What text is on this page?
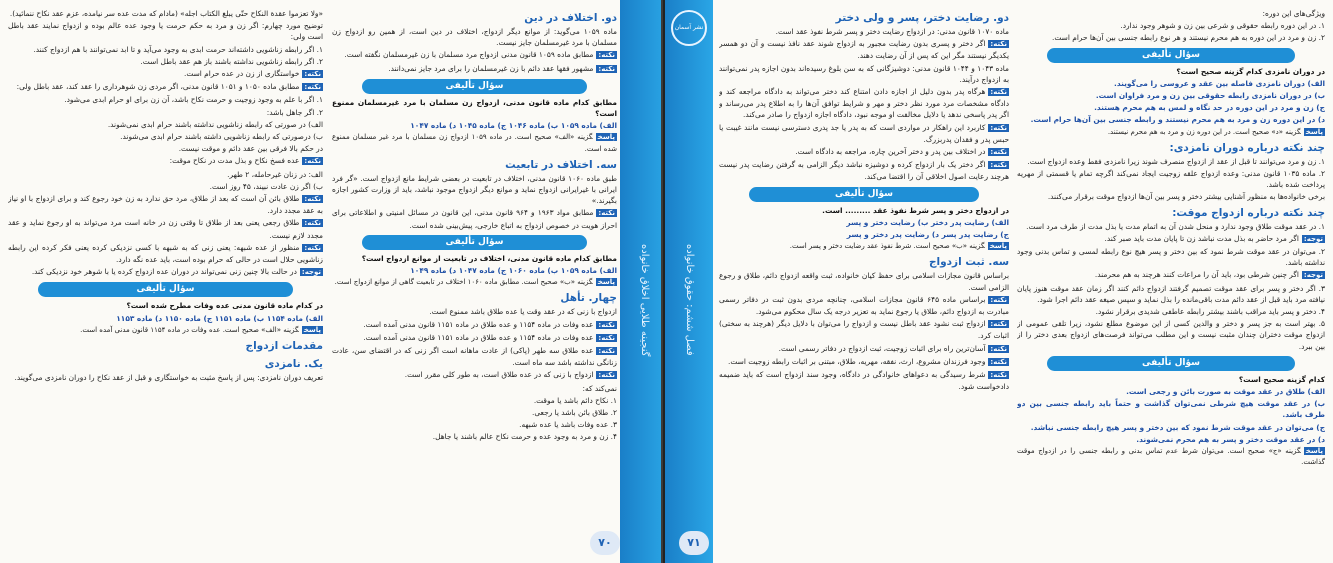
«ولا تعزموا عقدة النکاح حتّی یبلغ الکتاب اجله» (مادام که مدت عده سر نیامده، عزم عقد نکاح ننمائید).

توضیح مورد چهارم: اگر زن و مرد به حکم حرمت یا وجود عده عالم بوده و ازدواج نمایند عقد باطل است ولی:

۱. اگر رابطه زناشویی داشته‌اند حرمت ابدی به وجود می‌آید و تا ابد نمی‌توانند با هم ازدواج کنند.

۲. اگر رابطه زناشویی نداشته باشند باز هم عقد باطل است.

نکته:خواستگاری از زن در عده حرام است.

نکته:مطابق ماده ۱۰۵۰ و ۱۰۵۱ قانون مدنی، اگر مردی زن شوهرداری را عقد کند، عقد باطل ولی:

۱. اگر با علم به وجود زوجیت و حرمت نکاح باشد، آن زن برای او حرام ابدی می‌شود.

۲. اگر جاهل باشد:

الف) در صورتی که رابطه زناشویی نداشته باشند حرام ابدی نمی‌شوند.

ب) درصورتی که رابطه زناشویی داشته باشند حرام ابدی می‌شوند.

در حکم بالا فرقی بین عقد دائم و موقت نیست.

نکته:عده فسخ نکاح و بذل مدت در نکاح موقت:

الف: در زنان غیرحامله، ۲ طهر.

ب) اگر زن عادت نبیند، ۴۵ روز است.

نکته:طلاق بائن آن است که بعد از طلاق، مرد حق ندارد به زن خود رجوع کند و برای ازدواج با او نیاز به عقد مجدد دارد.

نکته:طلاق رجعی یعنی بعد از طلاق تا وقتی زن در خانه است مرد می‌تواند به او رجوع نماید و عقد مجدد لازم نیست.

نکته:منظور از عده شبهه: یعنی زنی که به شبهه با کسی نزدیکی کرده یعنی فکر کرده این رابطه زناشویی حلال است در حالی که حرام بوده است، باید عده نگه دارد.

توجه:در حالت بالا چنین زنی نمی‌تواند در دوران عده ازدواج کرده یا با شوهر خود نزدیکی کند.

سؤال تألیفی

در کدام ماده قانون مدنی عده وفات مطرح شده است؟

الف) ماده ۱۱۵۴ ب) ماده ۱۱۵۱ ج) ماده ۱۱۵۰ د) ماده ۱۱۵۳

پاسخگزینه «الف» صحیح است. عده وفات در ماده ۱۱۵۴ قانون مدنی آمده است.

مقدمات ازدواج
یک. نامزدی

تعریف دوران نامزدی: پس از پاسخ مثبت به خواستگاری و قبل از عقد نکاح را دوران نامزدی می‌گویند.

دو. اختلاف در دین

ماده ۱۰۵۹ می‌گوید: از موانع دیگر ازدواج، اختلاف در دین است، از همین رو ازدواج زن مسلمان با مرد غیرمسلمان جایز نیست.

نکته:مطابق ماده ۱۰۵۹ قانون مدنی ازدواج مرد مسلمان با زن غیرمسلمان نگفته است.

نکته:مشهور فقها عقد دائم با زن غیرمسلمان را برای مرد جایز نمی‌دانند.

سؤال تألیفی

مطابق کدام ماده قانون مدنی، ازدواج زن مسلمان با مرد غیرمسلمان ممنوع است؟

الف) ماده ۱۰۵۹ ب) ماده ۱۰۴۶ ج) ماده ۱۰۴۵ د) ماده ۱۰۴۷

پاسخگزینه «الف» صحیح است. در ماده ۱۰۵۹ ازدواج زن مسلمان با مرد غیر مسلمان ممنوع شده است.

سه. اختلاف در تابعیت

طبق ماده ۱۰۶۰ قانون مدنی، اختلاف در تابعیت در بعضی شرایط مانع ازدواج است. «گر فرد ایرانی با غیرایرانی ازدواج نماید و موانع دیگر ازدواج موجود نباشد، باید از وزارت کشور اجازه بگیرند.»

نکته:مطابق مواد ۱۹۶۳ و ۹۶۴ قانون مدنی، این قانون در مسائل امنیتی و اطلاعاتی برای احراز هویت در خصوص ازدواج به اتباع خارجی، پیش‌بینی شده است.

سؤال تألیفی

مطابق کدام ماده قانون مدنی، اختلاف در تابعیت از موانع ازدواج است؟

الف) ماده ۱۰۵۹ ب) ماده ۱۰۶۰ ج) ماده ۱۰۴۷ د) ماده ۱۰۴۹

پاسخگزینه «ب» صحیح است. مطابق ماده ۱۰۶۰ اختلاف در تابعیت گاهی از موانع ازدواج است.

چهار. تأهل

ازدواج با زنی که در عقد وقت یا عده طلاق باشد ممنوع است.

نکته:عده وفات در ماده ۱۱۵۴ و عده طلاق در ماده ۱۱۵۱ قانون مدنی آمده است.

نکته:عده وفات در ماده ۱۱۵۴ و عده طلاق در ماده ۱۱۵۱ قانون مدنی آمده است.

نکته:عده طلاق سه طهر (پاکی) از عادت ماهانه است اگر زنی که در اقتضای سن، عادت زنانگی نداشته باشد سه ماه است.

نکته:ازدواج با زنی که در عده طلاق است، به طور کلی مقرر است.

نمی‌کند که:

۱. نکاح دائم باشد یا موقت.

۲. طلاق بائن باشد یا رجعی.

۳. عده وفات باشد یا عده شبهه.

۴. زن و مرد به وجود عده و حرمت نکاح عالم باشند یا جاهل.

گنجینه طلایی اخلاق خانواده
۷۰
نشر آسمان
فصل ششم: حقوق خانواده
۷۱
دو. رضایت دختر، پسر و ولی دختر

ماده ۱۰۷۰ قانون مدنی: در ازدواج رضایت دختر و پسر شرط نفوذ عقد است.

نکته:اگر دختر و پسری بدون رضایت مجبور به ازدواج شوند عقد نافذ نیست و آن دو همسر یکدیگر نیستند مگر این که پس از آن رضایت دهند.

ماده ۱۰۴۳ و ۱۰۴۴ قانون مدنی: دوشیزگانی که به سن بلوغ رسیده‌اند بدون اجازه پدر نمی‌توانند به ازدواج درآیند.

نکته:هرگاه پدر بدون دلیل از اجازه دادن امتناع کند دختر می‌تواند به دادگاه مراجعه کند و دادگاه مشخصات مرد مورد نظر دختر و مهر و شرایط توافق آن‌ها را به اطلاع پدر می‌رساند و اگر پدر پاسخی ندهد یا دلایل مخالفت او موجه نبود، دادگاه اجازه ازدواج را صادر می‌کند.

نکته:کاربرد این راهکار در مواردی است که به پدر یا جد پدری دسترسی نیست مانند غیبت یا حبس پدر و فقدان پدربزرگ.

نکته:در اختلاف بین پدر و دختر آخرین چاره، مراجعه به دادگاه است.

نکته:اگر دختر یک بار ازدواج کرده و دوشیزه نباشد دیگر الزامی به گرفتن رضایت پدر نیست هرچند رعایت اصول اخلاقی آن را اقتضا می‌کند.

سؤال تألیفی

در ازدواج دختر و پسر شرط نفوذ عقد ......... است.

الف) رضایت پدر دختر ب) رضایت دختر و پسر

ج) رضایت پدر پسر د) رضایت پدر دختر و پسر

پاسخگزینه «ب» صحیح است. شرط نفوذ عقد رضایت دختر و پسر است.

سه. ثبت ازدواج

براساس قانون مجازات اسلامی برای حفظ کیان خانواده، ثبت واقعه ازدواج دائم، طلاق و رجوع الزامی است.

نکته:براساس ماده ۶۴۵ قانون مجازات اسلامی، چنانچه مردی بدون ثبت در دفاتر رسمی مبادرت به ازدواج دائم، طلاق یا رجوع نماید به تعزیر درجه یک سال محکوم می‌شود.

نکته:ازدواج ثبت نشود عقد باطل نیست و ازدواج را می‌توان با دلایل دیگر (هرچند به سختی) اثبات کرد.

نکته:آسان‌ترین راه برای اثبات زوجیت، ثبت ازدواج در دفاتر رسمی است.

نکته:وجود فرزندان مشروع، ارث، نفقه، مهریه، طلاق، مبتنی بر اثبات رابطه زوجیت است.

نکته:شرط رسیدگی به دعواهای خانوادگی در دادگاه، وجود سند ازدواج است که باید ضمیمه دادخواست شود.

ویژگی‌های این دوره:

۱. در این دوره رابطه حقوقی و شرعی بین زن و شوهر وجود ندارد.

۲. زن و مرد در این دوره به هم محرم نیستند و هر نوع رابطه جنسی بین آن‌ها حرام است.

سؤال تألیفی

در دوران نامزدی کدام گزینه صحیح است؟

الف) دوران نامزدی فاصله بین عقد و عروسی را می‌گویند.

ب) در دوران نامزدی رابطه حقوقی بین زن و مرد فراوان است.

ج) زن و مرد در این دوره در حد نگاه و لمس به هم محرم هستند.

د) در این دوره زن و مرد به هم محرم نیستند و رابطه جنسی بین آن‌ها حرام است.

پاسخگزینه «د» صحیح است. در این دوره زن و مرد به هم محرم نیستند.

چند نکته درباره دوران نامزدی:

۱. زن و مرد می‌توانند تا قبل از عقد از ازدواج منصرف شوند زیرا نامزدی فقط وعده ازدواج است.

۲. ماده ۱۰۳۵ قانون مدنی: وعده ازدواج علقه زوجیت ایجاد نمی‌کند اگرچه تمام یا قسمتی از مهریه پرداخت شده باشد.

برخی خانواده‌ها به منظور آشنایی بیشتر دختر و پسر بین آن‌ها ازدواج موقت برقرار می‌کنند.

چند نکته درباره ازدواج موقت:

۱. در عقد موقت طلاق وجود ندارد و منحل شدن آن به اتمام مدت یا بذل مدت از طرف مرد است.

توجه:اگر مرد حاضر به بذل مدت نباشد زن تا پایان مدت باید صبر کند.

۲. می‌توان در عقد موقت شرط نمود که بین دختر و پسر هیچ نوع رابطه لمسی و تماس بدنی وجود نداشته باشد.

توجه:اگر چنین شرطی بود، باید آن را مراعات کنند هرچند به هم محرمند.

۳. اگر دختر و پسر برای عقد موقت تصمیم گرفتند ازدواج دائم کنند اگر زمان عقد موقت هنوز پایان نیافته مرد باید قبل از عقد دائم مدت باقی‌مانده را بذل نماید و سپس صیغه عقد دائم اجرا شود.

۴. دختر و پسر باید مراقب باشند بیشتر رابطه عاطفی شدیدی برقرار نشود.

۵. بهتر است به جز پسر و دختر و والدین کسی از این موضوع مطلع نشود، زیرا تلقی عمومی از ازدواج موقت دختران چندان مثبت نیست و این مطلب می‌تواند فرصت‌های ازدواج بعدی دختر را از بین ببرد.

سؤال تألیفی

کدام گزینه صحیح است؟

الف) طلاق در عقد موقت به صورت بائن و رجعی است.

ب) در عقد موقت هیچ شرطی نمی‌توان گذاشت و حتماً باید رابطه جنسی بین دو طرف باشد.

ج) می‌توان در عقد موقت شرط نمود که بین دختر و پسر هیچ رابطه جنسی نباشد.

د) در عقد موقت دختر و پسر به هم محرم نمی‌شوند.

پاسخگزینه «ج» صحیح است. می‌توان شرط عدم تماس بدنی و رابطه جنسی را در ازدواج موقت گذاشت.
